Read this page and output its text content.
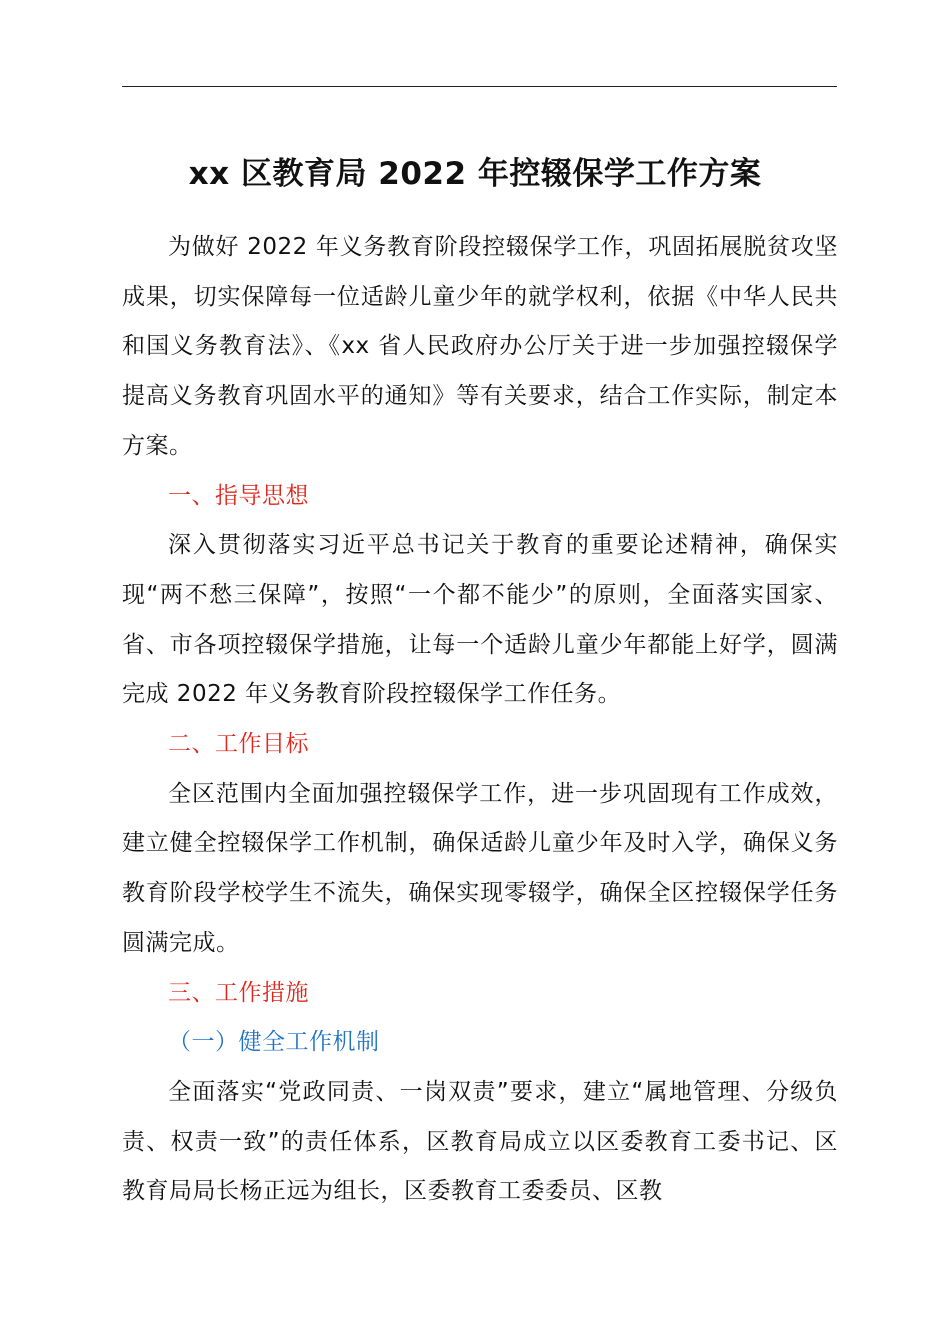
xx 区教育局 2022 年控辍保学工作方案

为做好 2022 年义务教育阶段控辍保学工作，巩固拓展脱贫攻坚成果，切实保障每一位适龄儿童少年的就学权利，依据《中华人民共和国义务教育法》、《xx 省人民政府办公厅关于进一步加强控辍保学提高义务教育巩固水平的通知》等有关要求，结合工作实际，制定本方案。

一、指导思想

深入贯彻落实习近平总书记关于教育的重要论述精神，确保实现“两不愁三保障”，按照“一个都不能少”的原则，全面落实国家、省、市各项控辍保学措施，让每一个适龄儿童少年都能上好学，圆满完成 2022 年义务教育阶段控辍保学工作任务。

二、工作目标

全区范围内全面加强控辍保学工作，进一步巩固现有工作成效，建立健全控辍保学工作机制，确保适龄儿童少年及时入学，确保义务教育阶段学校学生不流失，确保实现零辍学，确保全区控辍保学任务圆满完成。

三、工作措施

（一）健全工作机制

全面落实“党政同责、一岗双责”要求，建立“属地管理、分级负责、权责一致”的责任体系，区教育局成立以区委教育工委书记、区教育局局长杨正远为组长，区委教育工委委员、区教
